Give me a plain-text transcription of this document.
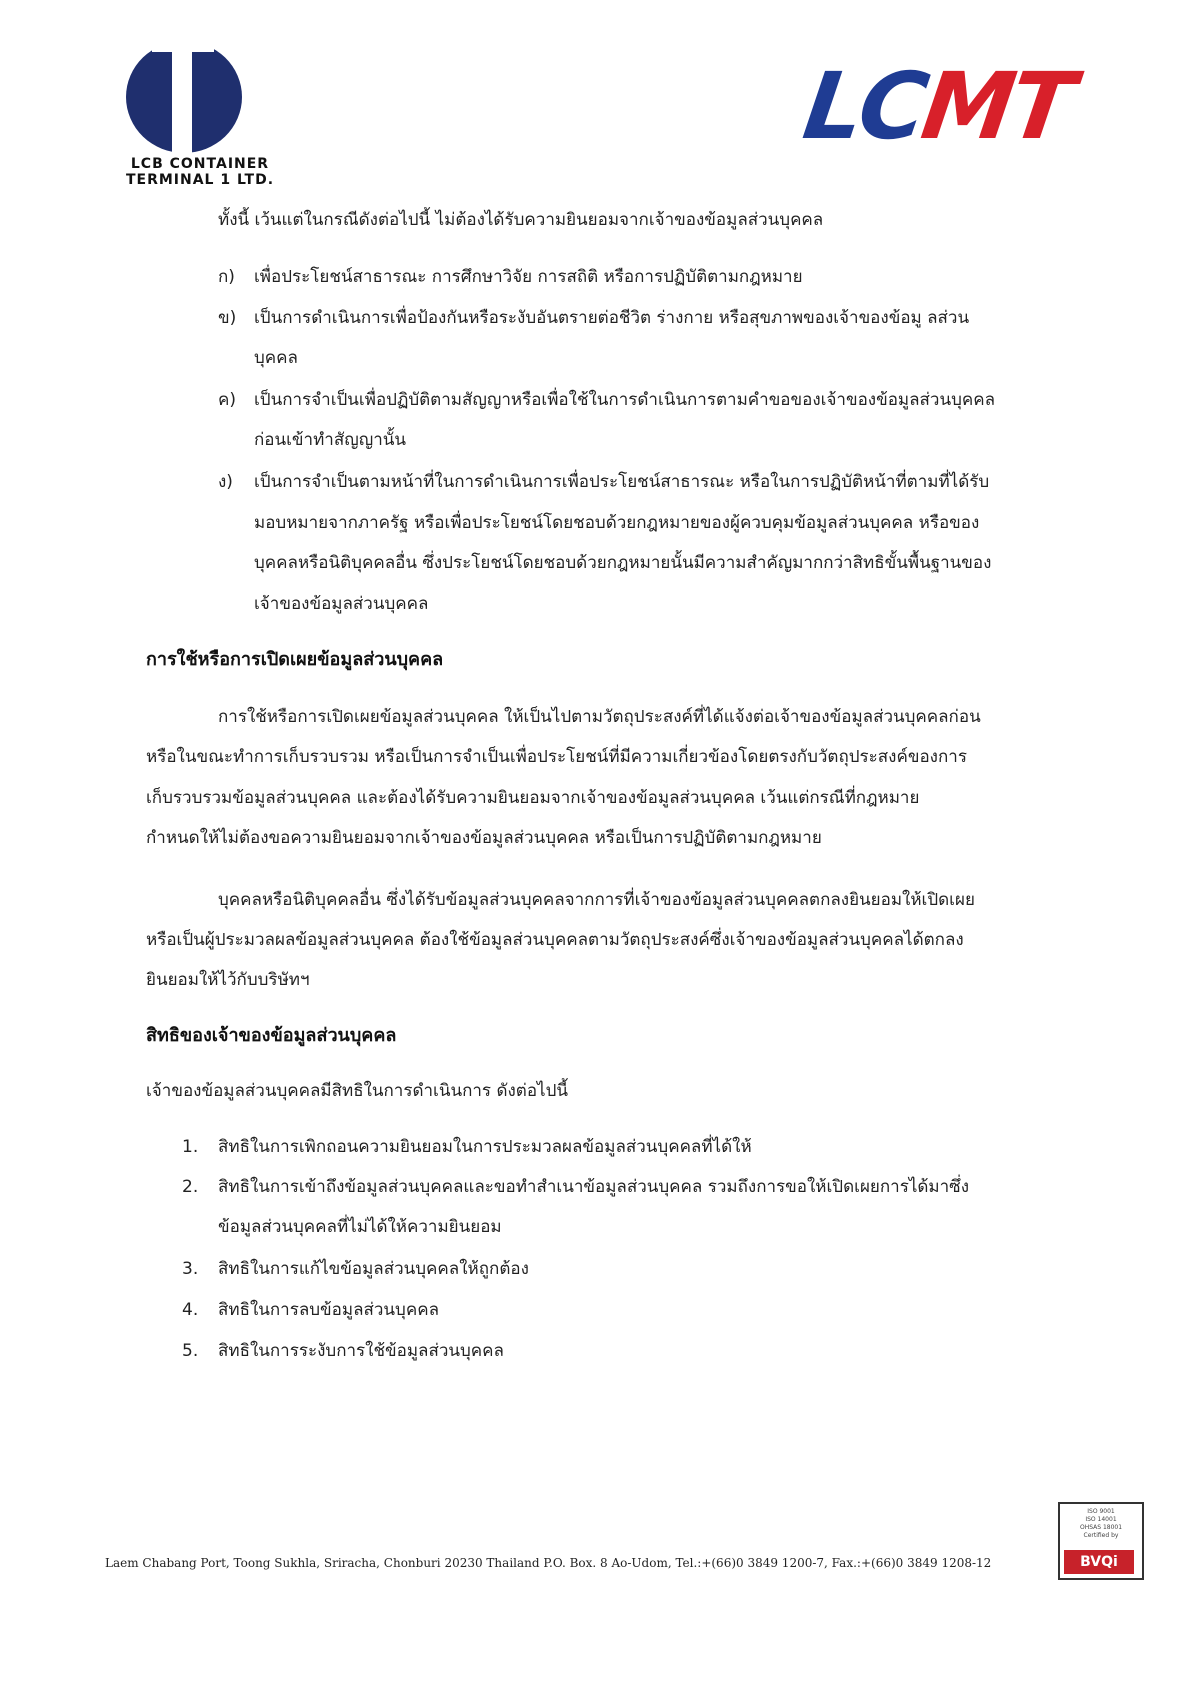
LCB CONTAINER
TERMINAL 1 LTD.
LCMT
ทั้งนี้ เว้นแต่ในกรณีดังต่อไปนี้ ไม่ต้องได้รับความยินยอมจากเจ้าของข้อมูลส่วนบุคคล
ก) เพื่อประโยชน์สาธารณะ การศึกษาวิจัย การสถิติ หรือการปฏิบัติตามกฎหมาย
ข) เป็นการดำเนินการเพื่อป้องกันหรือระงับอันตรายต่อชีวิต ร่างกาย หรือสุขภาพของเจ้าของข้อมู ลส่วน
บุคคล
ค) เป็นการจำเป็นเพื่อปฏิบัติตามสัญญาหรือเพื่อใช้ในการดำเนินการตามคำขอของเจ้าของข้อมูลส่วนบุคคล
ก่อนเข้าทำสัญญานั้น
ง) เป็นการจำเป็นตามหน้าที่ในการดำเนินการเพื่อประโยชน์สาธารณะ หรือในการปฏิบัติหน้าที่ตามที่ได้รับ
มอบหมายจากภาครัฐ หรือเพื่อประโยชน์โดยชอบด้วยกฎหมายของผู้ควบคุมข้อมูลส่วนบุคคล หรือของ
บุคคลหรือนิติบุคคลอื่น ซึ่งประโยชน์โดยชอบด้วยกฎหมายนั้นมีความสำคัญมากกว่าสิทธิขั้นพื้นฐานของ
เจ้าของข้อมูลส่วนบุคคล
การใช้หรือการเปิดเผยข้อมูลส่วนบุคคล
การใช้หรือการเปิดเผยข้อมูลส่วนบุคคล ให้เป็นไปตามวัตถุประสงค์ที่ได้แจ้งต่อเจ้าของข้อมูลส่วนบุคคลก่อน
หรือในขณะทำการเก็บรวบรวม หรือเป็นการจำเป็นเพื่อประโยชน์ที่มีความเกี่ยวข้องโดยตรงกับวัตถุประสงค์ของการ
เก็บรวบรวมข้อมูลส่วนบุคคล และต้องได้รับความยินยอมจากเจ้าของข้อมูลส่วนบุคคล เว้นแต่กรณีที่กฎหมาย
กำหนดให้ไม่ต้องขอความยินยอมจากเจ้าของข้อมูลส่วนบุคคล หรือเป็นการปฏิบัติตามกฎหมาย
บุคคลหรือนิติบุคคลอื่น ซึ่งได้รับข้อมูลส่วนบุคคลจากการที่เจ้าของข้อมูลส่วนบุคคลตกลงยินยอมให้เปิดเผย
หรือเป็นผู้ประมวลผลข้อมูลส่วนบุคคล ต้องใช้ข้อมูลส่วนบุคคลตามวัตถุประสงค์ซึ่งเจ้าของข้อมูลส่วนบุคคลได้ตกลง
ยินยอมให้ไว้กับบริษัทฯ
สิทธิของเจ้าของข้อมูลส่วนบุคคล
เจ้าของข้อมูลส่วนบุคคลมีสิทธิในการดำเนินการ ดังต่อไปนี้
1. สิทธิในการเพิกถอนความยินยอมในการประมวลผลข้อมูลส่วนบุคคลที่ได้ให้
2. สิทธิในการเข้าถึงข้อมูลส่วนบุคคลและขอทำสำเนาข้อมูลส่วนบุคคล รวมถึงการขอให้เปิดเผยการได้มาซึ่ง
ข้อมูลส่วนบุคคลที่ไม่ได้ให้ความยินยอม
3. สิทธิในการแก้ไขข้อมูลส่วนบุคคลให้ถูกต้อง
4. สิทธิในการลบข้อมูลส่วนบุคคล
5. สิทธิในการระงับการใช้ข้อมูลส่วนบุคคล
Laem Chabang Port, Toong Sukhla, Sriracha, Chonburi 20230 Thailand P.O. Box. 8 Ao-Udom, Tel.:+(66)0 3849 1200-7, Fax.:+(66)0 3849 1208-12
ISO 9001
ISO 14001
OHSAS 18001
Certified by
BVQi
